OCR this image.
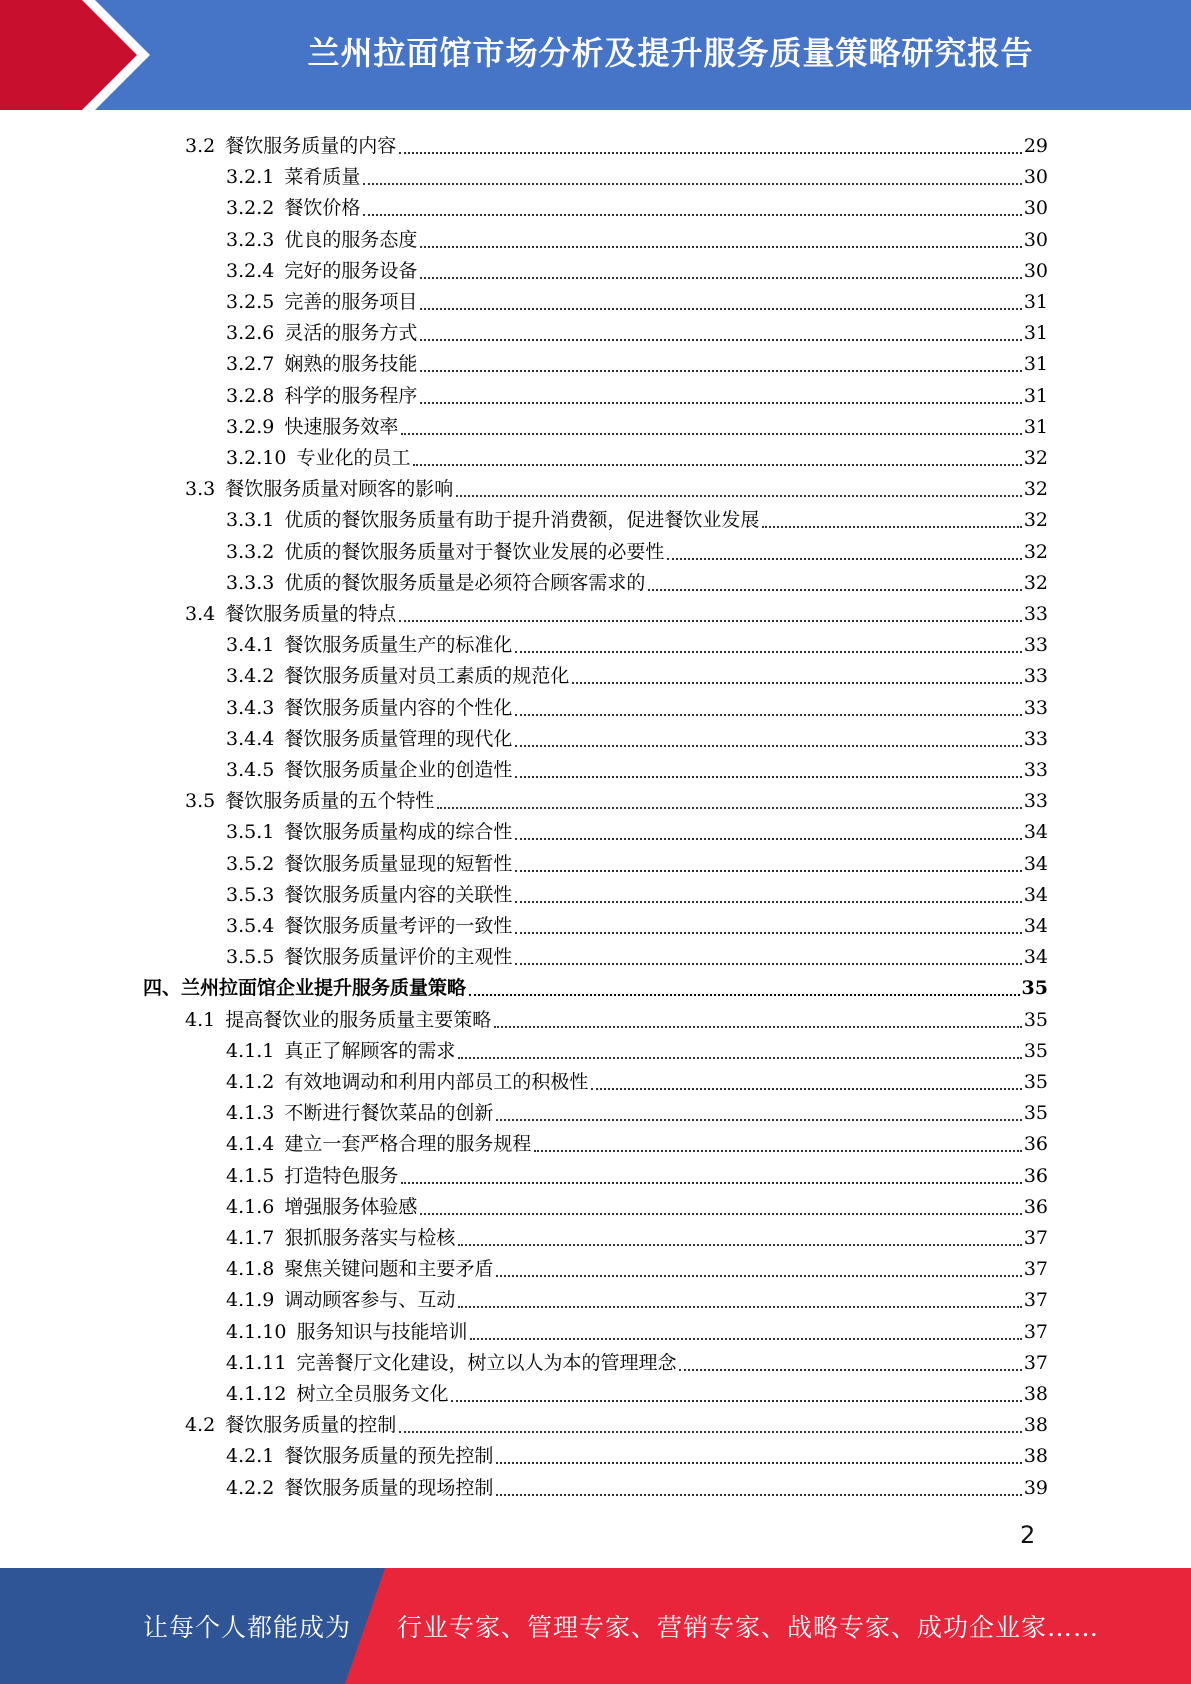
兰州拉面馆市场分析及提升服务质量策略研究报告
3.2 餐饮服务质量的内容	29
3.2.1 菜肴质量	30
3.2.2 餐饮价格	30
3.2.3 优良的服务态度	30
3.2.4 完好的服务设备	30
3.2.5 完善的服务项目	31
3.2.6 灵活的服务方式	31
3.2.7 娴熟的服务技能	31
3.2.8 科学的服务程序	31
3.2.9 快速服务效率	31
3.2.10 专业化的员工	32
3.3 餐饮服务质量对顾客的影响	32
3.3.1 优质的餐饮服务质量有助于提升消费额，促进餐饮业发展	32
3.3.2 优质的餐饮服务质量对于餐饮业发展的必要性	32
3.3.3 优质的餐饮服务质量是必须符合顾客需求的	32
3.4 餐饮服务质量的特点	33
3.4.1 餐饮服务质量生产的标准化	33
3.4.2 餐饮服务质量对员工素质的规范化	33
3.4.3 餐饮服务质量内容的个性化	33
3.4.4 餐饮服务质量管理的现代化	33
3.4.5 餐饮服务质量企业的创造性	33
3.5 餐饮服务质量的五个特性	33
3.5.1 餐饮服务质量构成的综合性	34
3.5.2 餐饮服务质量显现的短暂性	34
3.5.3 餐饮服务质量内容的关联性	34
3.5.4 餐饮服务质量考评的一致性	34
3.5.5 餐饮服务质量评价的主观性	34
四、兰州拉面馆企业提升服务质量策略	35
4.1 提高餐饮业的服务质量主要策略	35
4.1.1 真正了解顾客的需求	35
4.1.2 有效地调动和利用内部员工的积极性	35
4.1.3 不断进行餐饮菜品的创新	35
4.1.4 建立一套严格合理的服务规程	36
4.1.5 打造特色服务	36
4.1.6 增强服务体验感	36
4.1.7 狠抓服务落实与检核	37
4.1.8 聚焦关键问题和主要矛盾	37
4.1.9 调动顾客参与、互动	37
4.1.10 服务知识与技能培训	37
4.1.11 完善餐厅文化建设，树立以人为本的管理理念	37
4.1.12 树立全员服务文化	38
4.2 餐饮服务质量的控制	38
4.2.1 餐饮服务质量的预先控制	38
4.2.2 餐饮服务质量的现场控制	39
2
让每个人都能成为 行业专家、管理专家、营销专家、战略专家、成功企业家……
